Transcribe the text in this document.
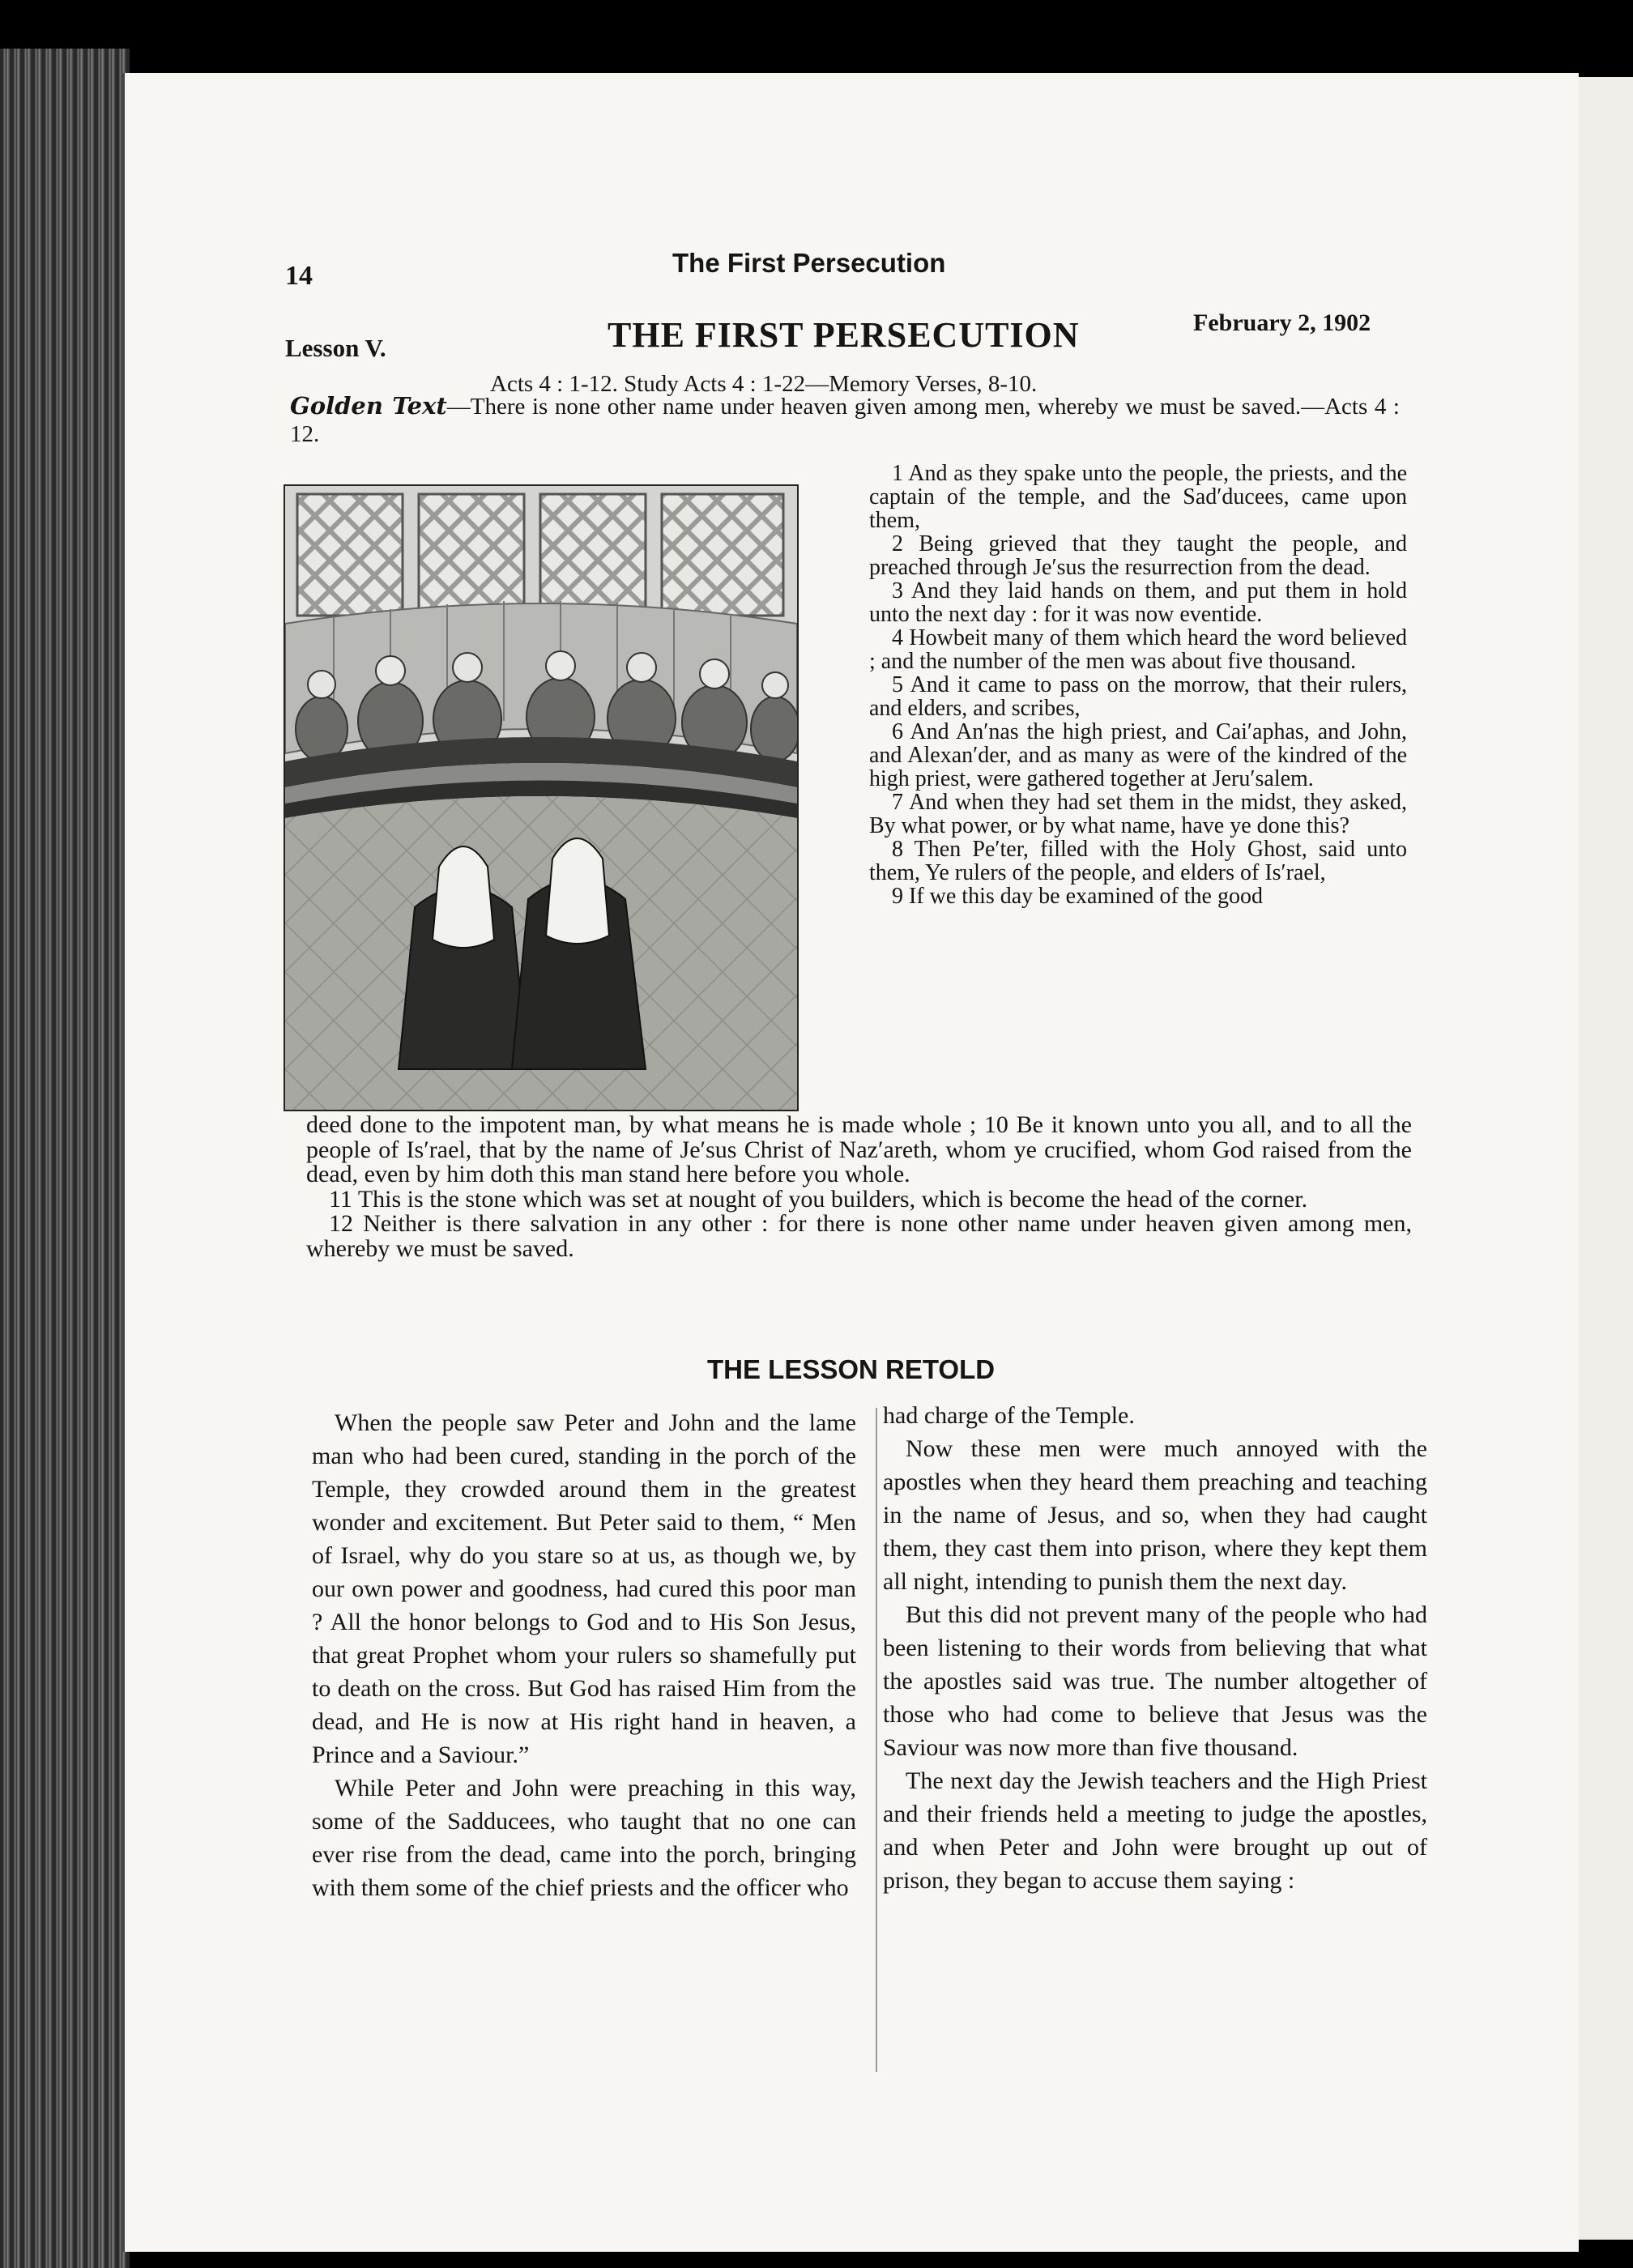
14	The First Persecution
Lesson V.	THE FIRST PERSECUTION	February 2, 1902
Acts 4 : 1-12. Study Acts 4 : 1-22—Memory Verses, 8-10.
Golden Text—There is none other name under heaven given among men, whereby we must be saved.—Acts 4 : 12.

1 And as they spake unto the people, the priests, and the captain of the temple, and the Sad′ducees, came upon them,

2 Being grieved that they taught the people, and preached through Je′sus the resurrection from the dead.

3 And they laid hands on them, and put them in hold unto the next day : for it was now eventide.

4 Howbeit many of them which heard the word believed ; and the number of the men was about five thousand.

5 And it came to pass on the morrow, that their rulers, and elders, and scribes,

6 And An′nas the high priest, and Cai′aphas, and John, and Alexan′der, and as many as were of the kindred of the high priest, were gathered together at Jeru′salem.

7 And when they had set them in the midst, they asked, By what power, or by what name, have ye done this?

8 Then Pe′ter, filled with the Holy Ghost, said unto them, Ye rulers of the people, and elders of Is′rael,

9 If we this day be examined of the good

deed done to the impotent man, by what means he is made whole ; 10 Be it known unto you all, and to all the people of Is′rael, that by the name of Je′sus Christ of Naz′areth, whom ye crucified, whom God raised from the dead, even by him doth this man stand here before you whole.

11 This is the stone which was set at nought of you builders, which is become the head of the corner.

12 Neither is there salvation in any other : for there is none other name under heaven given among men, whereby we must be saved.

THE LESSON RETOLD

When the people saw Peter and John and the lame man who had been cured, standing in the porch of the Temple, they crowded around them in the greatest wonder and excitement. But Peter said to them, “ Men of Israel, why do you stare so at us, as though we, by our own power and goodness, had cured this poor man ? All the honor belongs to God and to His Son Jesus, that great Prophet whom your rulers so shamefully put to death on the cross. But God has raised Him from the dead, and He is now at His right hand in heaven, a Prince and a Saviour.”

While Peter and John were preaching in this way, some of the Sadducees, who taught that no one can ever rise from the dead, came into the porch, bringing with them some of the chief priests and the officer who

had charge of the Temple.

Now these men were much annoyed with the apostles when they heard them preaching and teaching in the name of Jesus, and so, when they had caught them, they cast them into prison, where they kept them all night, intending to punish them the next day.

But this did not prevent many of the people who had been listening to their words from believing that what the apostles said was true. The number altogether of those who had come to believe that Jesus was the Saviour was now more than five thousand.

The next day the Jewish teachers and the High Priest and their friends held a meeting to judge the apostles, and when Peter and John were brought up out of prison, they began to accuse them saying :
